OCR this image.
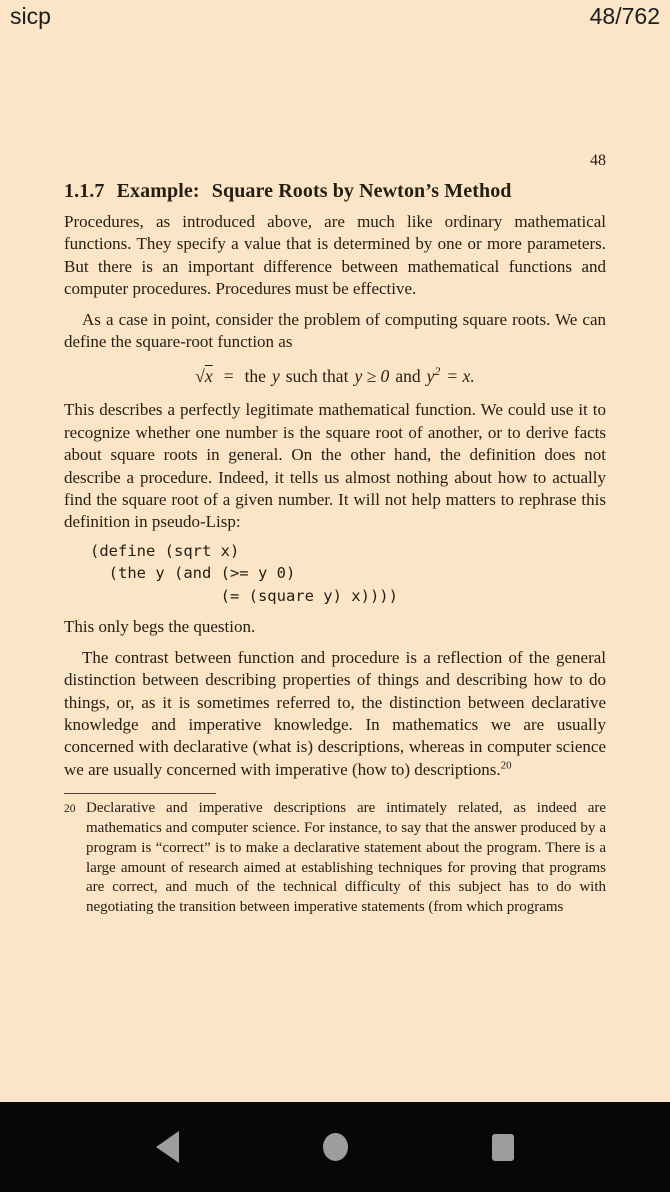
sicp	48/762
48
1.1.7 Example: Square Roots by Newton’s Method

Procedures, as introduced above, are much like ordinary mathematical functions. They specify a value that is determined by one or more parameters. But there is an important difference between mathematical functions and computer procedures. Procedures must be effective.

As a case in point, consider the problem of computing square roots. We can define the square-root function as

√x = the y such that y ≥ 0 and $y^2 = x$.

This describes a perfectly legitimate mathematical function. We could use it to recognize whether one number is the square root of another, or to derive facts about square roots in general. On the other hand, the definition does not describe a procedure. Indeed, it tells us almost nothing about how to actually find the square root of a given number. It will not help matters to rephrase this definition in pseudo-Lisp:

(define (sqrt x)
(the y (and (>= y 0)
(= (square y) x))))

This only begs the question.

The contrast between function and procedure is a reflection of the general distinction between describing properties of things and describing how to do things, or, as it is sometimes referred to, the distinction between declarative knowledge and imperative knowledge. In mathematics we are usually concerned with declarative (what is) descriptions, whereas in computer science we are usually concerned with imperative (how to) descriptions.$^{20}$

20 Declarative and imperative descriptions are intimately related, as indeed are mathematics and computer science. For instance, to say that the answer produced by a program is “correct” is to make a declarative statement about the program. There is a large amount of research aimed at establishing techniques for proving that programs are correct, and much of the technical difficulty of this subject has to do with negotiating the transition between imperative statements (from which programs
